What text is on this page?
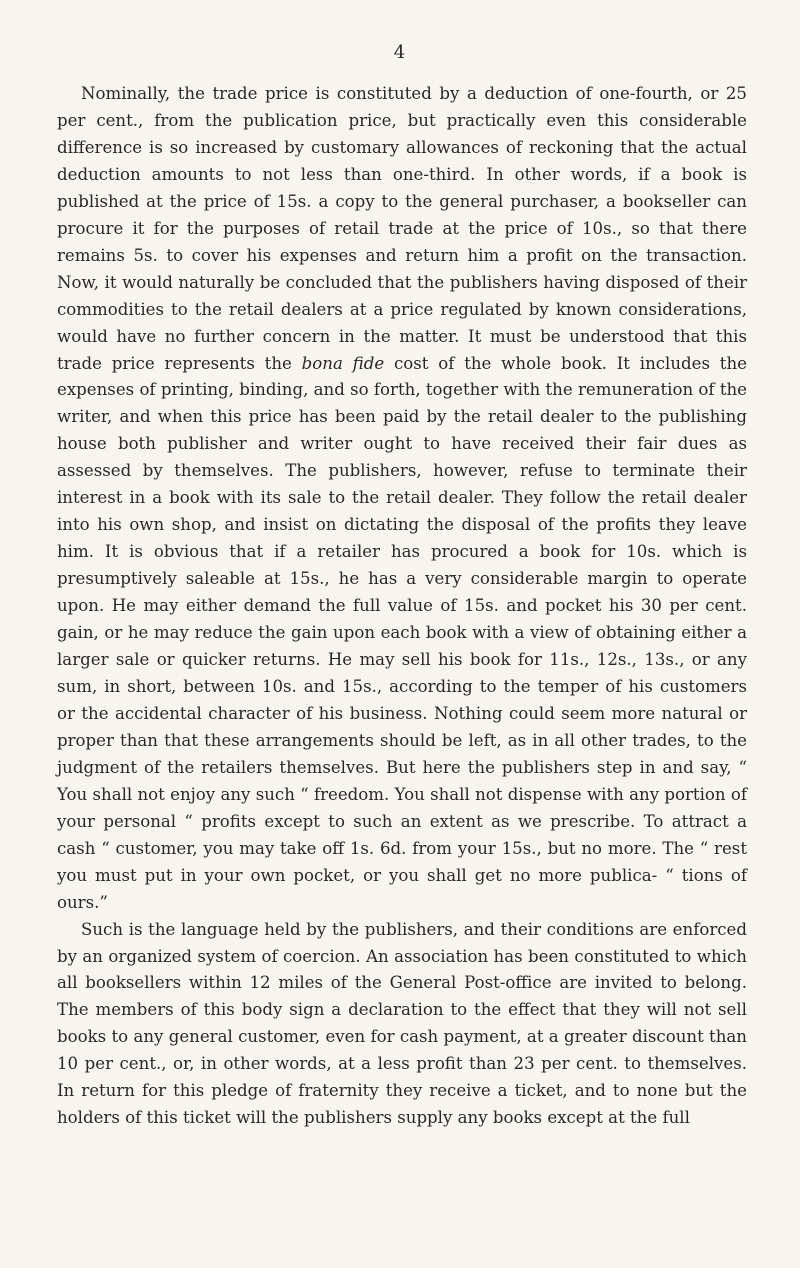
4

Nominally, the trade price is constituted by a deduction of one-fourth, or 25 per cent., from the publication price, but practically even this considerable difference is so increased by customary allowances of reckoning that the actual deduction amounts to not less than one-third. In other words, if a book is published at the price of 15s. a copy to the general purchaser, a bookseller can procure it for the purposes of retail trade at the price of 10s., so that there remains 5s. to cover his expenses and return him a profit on the transaction. Now, it would naturally be concluded that the publishers having disposed of their commodities to the retail dealers at a price regulated by known considerations, would have no further concern in the matter. It must be understood that this trade price represents the bona fide cost of the whole book. It includes the expenses of printing, binding, and so forth, together with the remuneration of the writer, and when this price has been paid by the retail dealer to the publishing house both publisher and writer ought to have received their fair dues as assessed by themselves. The publishers, however, refuse to terminate their interest in a book with its sale to the retail dealer. They follow the retail dealer into his own shop, and insist on dictating the disposal of the profits they leave him. It is obvious that if a retailer has procured a book for 10s. which is presumptively saleable at 15s., he has a very considerable margin to operate upon. He may either demand the full value of 15s. and pocket his 30 per cent. gain, or he may reduce the gain upon each book with a view of obtaining either a larger sale or quicker returns. He may sell his book for 11s., 12s., 13s., or any sum, in short, between 10s. and 15s., according to the temper of his customers or the accidental character of his business. Nothing could seem more natural or proper than that these arrangements should be left, as in all other trades, to the judgment of the retailers themselves. But here the publishers step in and say, “ You shall not enjoy any such “ freedom. You shall not dispense with any portion of your personal “ profits except to such an extent as we prescribe. To attract a cash “ customer, you may take off 1s. 6d. from your 15s., but no more. The “ rest you must put in your own pocket, or you shall get no more publica- “ tions of ours.”

Such is the language held by the publishers, and their conditions are enforced by an organized system of coercion. An association has been constituted to which all booksellers within 12 miles of the General Post-office are invited to belong. The members of this body sign a declaration to the effect that they will not sell books to any general customer, even for cash payment, at a greater discount than 10 per cent., or, in other words, at a less profit than 23 per cent. to themselves. In return for this pledge of fraternity they receive a ticket, and to none but the holders of this ticket will the publishers supply any books except at the full
